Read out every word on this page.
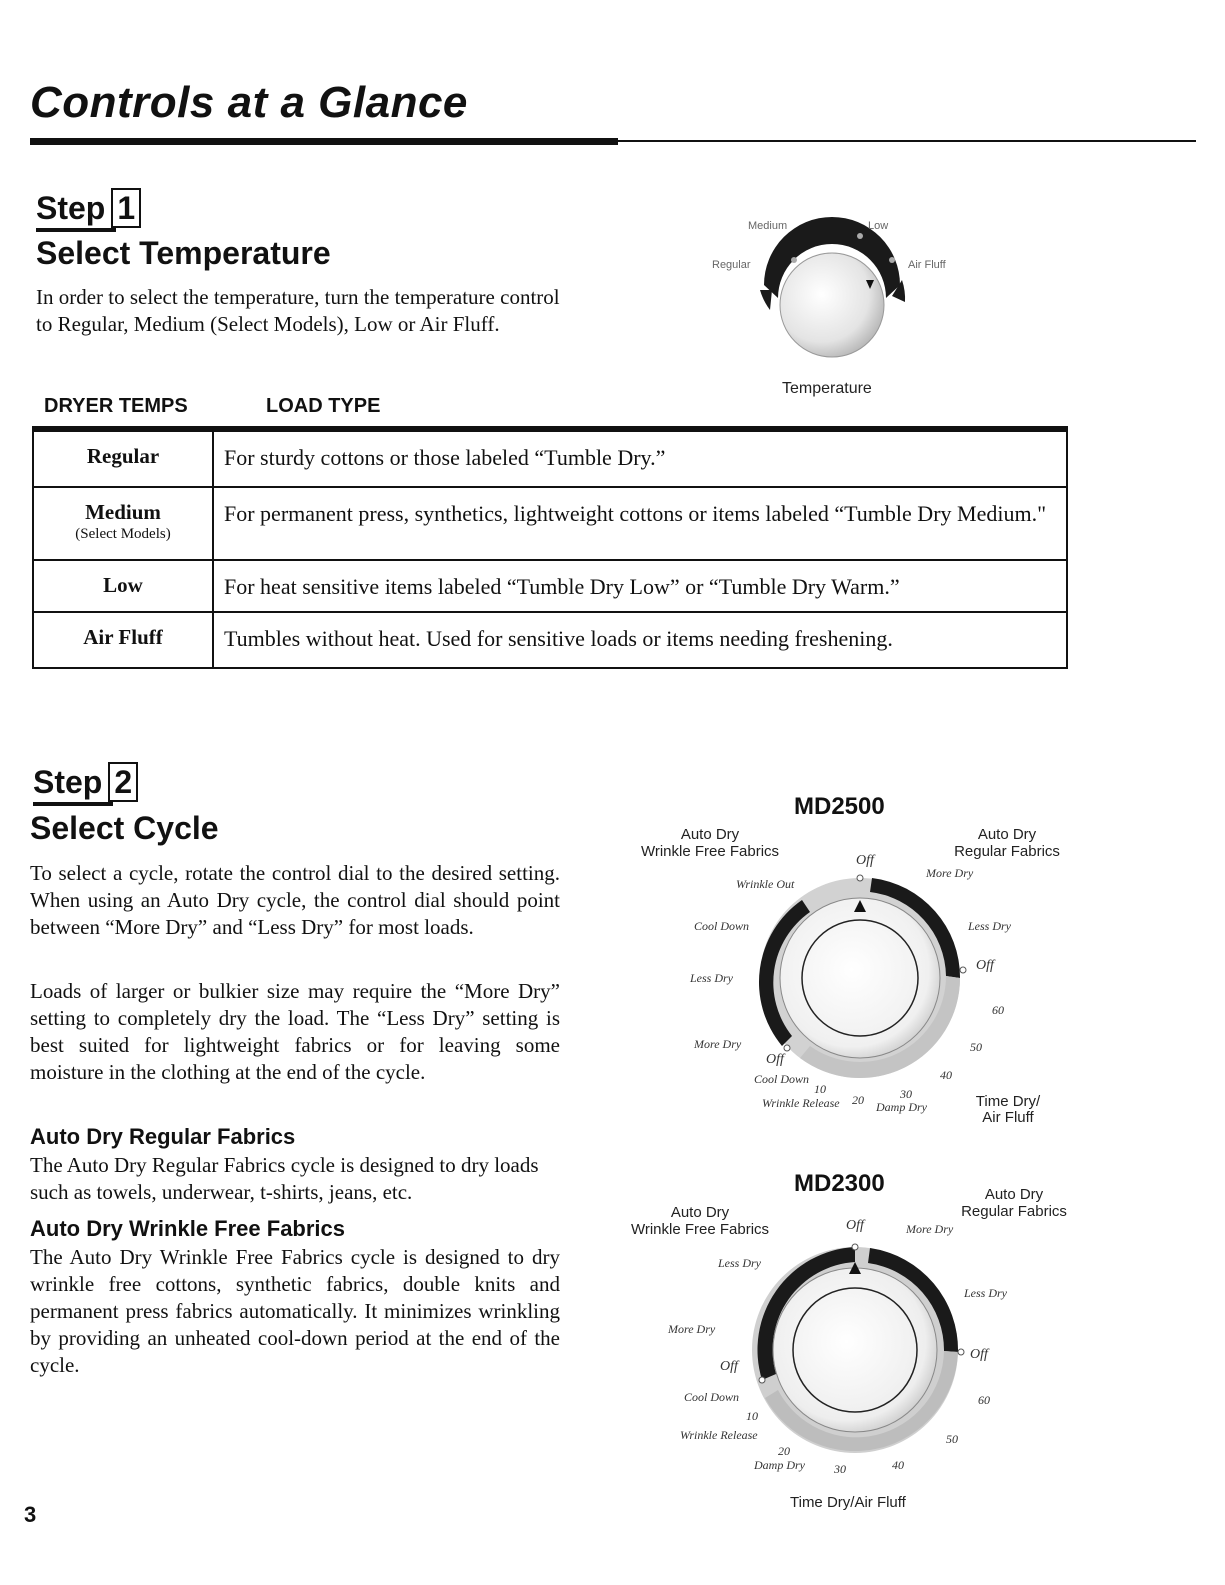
Controls at a Glance
Step 1
Select Temperature
In order to select the temperature, turn the temperature control to Regular, Medium (Select Models), Low or Air Fluff.
Medium	Low
Regular	Air Fluff
Temperature
DRYER TEMPS	LOAD TYPE
Regular	For sturdy cottons or those labeled “Tumble Dry.”
Medium
(Select Models)	For permanent press, synthetics, lightweight cottons or items labeled “Tumble Dry Medium."
Low	For heat sensitive items labeled “Tumble Dry Low” or “Tumble Dry Warm.”
Air Fluff	Tumbles without heat. Used for sensitive loads or items needing freshening.
Step 2
Select Cycle
To select a cycle, rotate the control dial to the desired setting. When using an Auto Dry cycle, the control dial should point between “More Dry” and “Less Dry” for most loads.
Loads of larger or bulkier size may require the “More Dry” setting to completely dry the load. The “Less Dry” setting is best suited for lightweight fabrics or for leaving some moisture in the clothing at the end of the cycle.
Auto Dry Regular Fabrics
The Auto Dry Regular Fabrics cycle is designed to dry loads such as towels, underwear, t-shirts, jeans, etc.
Auto Dry Wrinkle Free Fabrics
The Auto Dry Wrinkle Free Fabrics cycle is designed to dry wrinkle free cottons, synthetic fabrics, double knits and permanent press fabrics automatically. It minimizes wrinkling by providing an unheated cool-down period at the end of the cycle.
MD2500
Auto Dry
Wrinkle Free Fabrics
Auto Dry
Regular Fabrics
Off
More Dry
Less Dry
Off
Wrinkle Out
Cool Down
Less Dry
More Dry
Off
Cool Down
Wrinkle Release	Damp Dry
10
20	30
40
50
60
Time Dry/
Air Fluff
MD2300
Auto Dry
Wrinkle Free Fabrics
Auto Dry
Regular Fabrics
Off	More Dry
Less Dry
Off
Less Dry
More Dry
Off
Cool Down
Wrinkle Release
Damp Dry
10
20
30	40
50
60
Time Dry/Air Fluff
3
